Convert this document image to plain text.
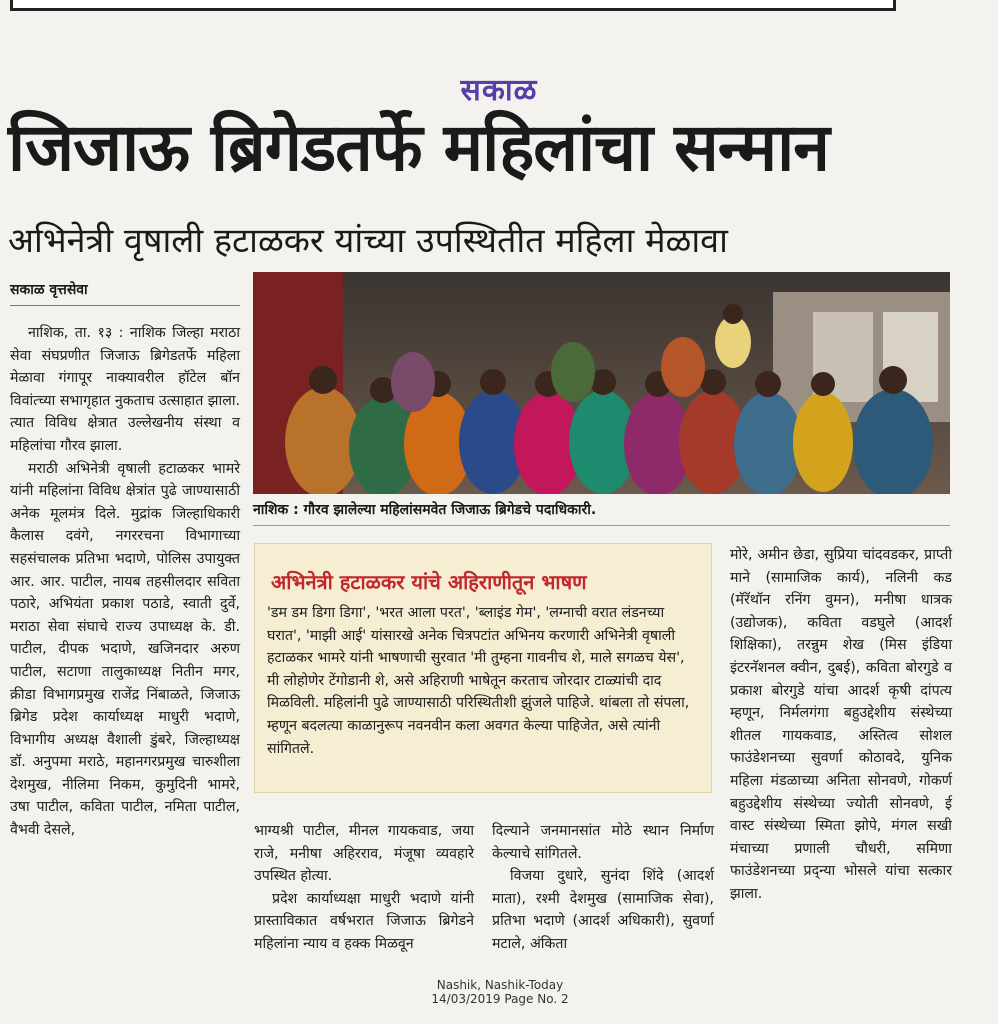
सकाळ
जिजाऊ ब्रिगेडतर्फे महिलांचा सन्मान
अभिनेत्री वृषाली हटाळकर यांच्या उपस्थितीत महिला मेळावा
सकाळ वृत्तसेवा

नाशिक, ता. १३ : नाशिक जिल्हा मराठा सेवा संघप्रणीत जिजाऊ ब्रिगेडतर्फे महिला मेळावा गंगापूर नाक्यावरील हॉटेल बॉन विवांत्च्या सभागृहात नुकताच उत्साहात झाला. त्यात विविध क्षेत्रात उल्लेखनीय संस्था व महिलांचा गौरव झाला.

मराठी अभिनेत्री वृषाली हटाळकर भामरे यांनी महिलांना विविध क्षेत्रांत पुढे जाण्यासाठी अनेक मूलमंत्र दिले. मुद्रांक जिल्हाधिकारी कैलास दवंगे, नगररचना विभागाच्या सहसंचालक प्रतिभा भदाणे, पोलिस उपायुक्त आर. आर. पाटील, नायब तहसीलदार सविता पठारे, अभियंता प्रकाश पठाडे, स्वाती दुर्वे, मराठा सेवा संघाचे राज्य उपाध्यक्ष के. डी. पाटील, दीपक भदाणे, खजिनदार अरुण पाटील, सटाणा तालुकाध्यक्ष नितीन मगर, क्रीडा विभागप्रमुख राजेंद्र निंबाळते, जिजाऊ ब्रिगेड प्रदेश कार्याध्यक्ष माधुरी भदाणे, विभागीय अध्यक्ष वैशाली डुंबरे, जिल्हाध्यक्ष डॉ. अनुपमा मराठे, महानगरप्रमुख चारुशीला देशमुख, नीलिमा निकम, कुमुदिनी भामरे, उषा पाटील, कविता पाटील, नमिता पाटील, वैभवी देसले,

नाशिक : गौरव झालेल्या महिलांसमवेत जिजाऊ ब्रिगेडचे पदाधिकारी.
अभिनेत्री हटाळकर यांचे अहिराणीतून भाषण
'डम डम डिगा डिगा', 'भरत आला परत', 'ब्लाइंड गेम', 'लग्नाची वरात लंडनच्या घरात', 'माझी आई' यांसारखे अनेक चित्रपटांत अभिनय करणारी अभिनेत्री वृषाली हटाळकर भामरे यांनी भाषणाची सुरवात 'मी तुम्हना गावनीच शे, माले सगळच येस', मी लोहोणेर टेंगोडानी शे, असे अहिराणी भाषेतून करताच जोरदार टाळ्यांची दाद मिळविली. महिलांनी पुढे जाण्यासाठी परिस्थितीशी झुंजले पाहिजे. थांबला तो संपला, म्हणून बदलत्या काळानुरूप नवनवीन कला अवगत केल्या पाहिजेत, असे त्यांनी सांगितले.

भाग्यश्री पाटील, मीनल गायकवाड, जया राजे, मनीषा अहिरराव, मंजूषा व्यवहारे उपस्थित होत्या.

प्रदेश कार्याध्यक्षा माधुरी भदाणे यांनी प्रास्ताविकात वर्षभरात जिजाऊ ब्रिगेडने महिलांना न्याय व हक्क मिळवून

दिल्याने जनमानसांत मोठे स्थान निर्माण केल्याचे सांगितले.

विजया दुधारे, सुनंदा शिंदे (आदर्श माता), रश्मी देशमुख (सामाजिक सेवा), प्रतिभा भदाणे (आदर्श अधिकारी), सुवर्णा मटाले, अंकिता

मोरे, अमीन छेडा, सुप्रिया चांदवडकर, प्राप्ती माने (सामाजिक कार्य), नलिनी कड (मॅरॅथॉन रनिंग वुमन), मनीषा धात्रक (उद्योजक), कविता वडघुले (आदर्श शिक्षिका), तरन्नुम शेख (मिस इंडिया इंटरनॅशनल क्वीन, दुबई), कविता बोरगुडे व प्रकाश बोरगुडे यांचा आदर्श कृषी दांपत्य म्हणून, निर्मलगंगा बहुउद्देशीय संस्थेच्या शीतल गायकवाड, अस्तित्व सोशल फाउंडेशनच्या सुवर्णा कोठावदे, युनिक महिला मंडळाच्या अनिता सोनवणे, गोकर्ण बहुउद्देशीय संस्थेच्या ज्योती सोनवणे, ई वास्ट संस्थेच्या स्मिता झोपे, मंगल सखी मंचाच्या प्रणाली चौधरी, समिणा फाउंडेशनच्या प्रद्न्या भोसले यांचा सत्कार झाला.

Nashik, Nashik-Today
14/03/2019 Page No. 2
